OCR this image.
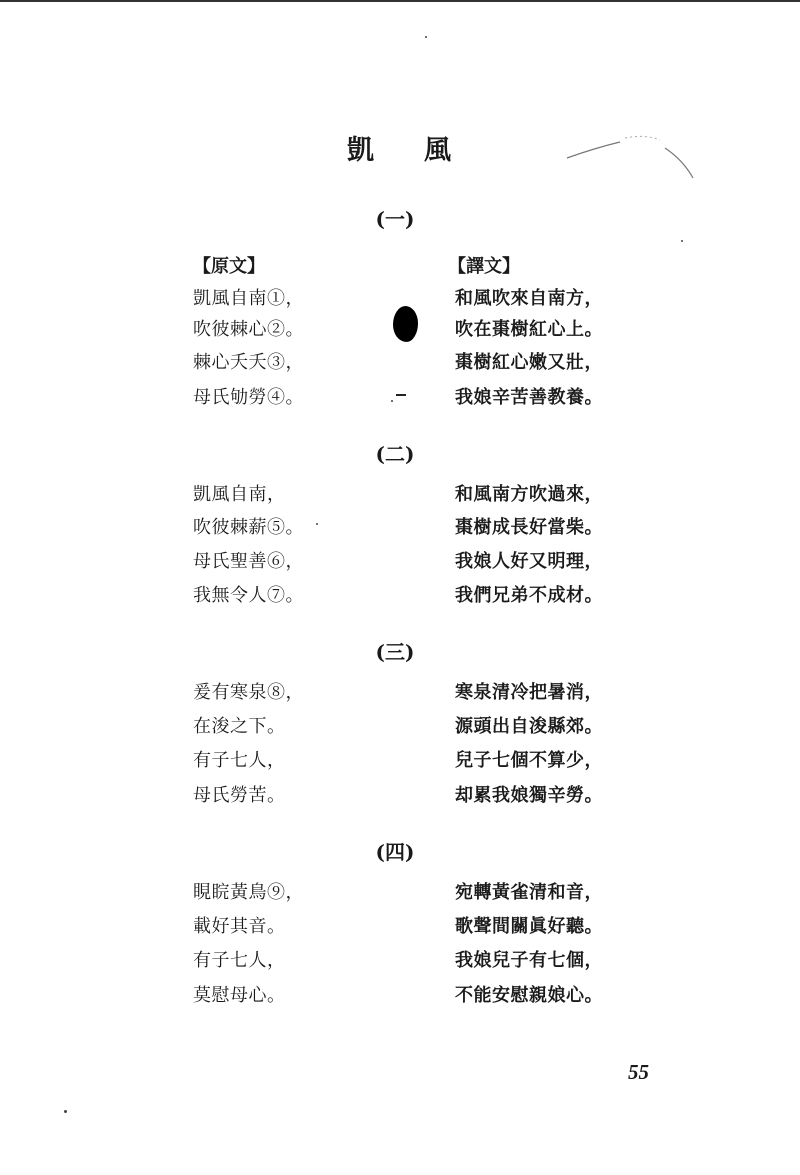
凱 風
(一)
【原文】	【譯文】
凱風自南①，
吹彼棘心②。
棘心夭夭③，
母氏劬勞④。
和風吹來自南方，
吹在棗樹紅心上。
棗樹紅心嫩又壯，
我娘辛苦善教養。
(二)
凱風自南，
吹彼棘薪⑤。
母氏聖善⑥，
我無令人⑦。
和風南方吹過來，
棗樹成長好當柴。
我娘人好又明理，
我們兄弟不成材。
(三)
爰有寒泉⑧，
在浚之下。
有子七人，
母氏勞苦。
寒泉清冷把暑消，
源頭出自浚縣郊。
兒子七個不算少，
却累我娘獨辛勞。
(四)
睍睆黃鳥⑨，
載好其音。
有子七人，
莫慰母心。
宛轉黃雀清和音，
歌聲間關眞好聽。
我娘兒子有七個，
不能安慰親娘心。
55
